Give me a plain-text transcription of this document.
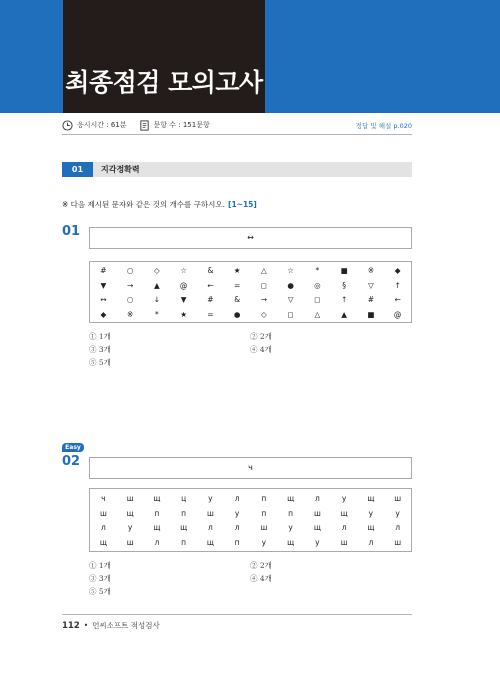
최종점검 모의고사
응시시간 : 61분	문항 수 : 151문항	정답 및 해설 p.020
01	지각정확력
※ 다음 제시된 문자와 같은 것의 개수를 구하시오. [1~15]
01	↔
#	○	◇	☆	&	★	△	☆	*	■	※	◆
▼	→	▲	@	←	=	◻	●	◎	§	▽	↑
↔	○	↓	▼	#	&	→	▽	◻	↑	#	←
◆	※	*	★	=	●	◇	◻	△	▲	■	@
① 1개	② 2개
③ 3개	④ 4개
⑤ 5개
Easy
02	ч
ч	ш	щ	ц	у	л	п	щ	л	у	щ	ш
ш	щ	п	п	ш	у	п	п	ш	щ	у	у
л	у	щ	щ	л	л	ш	у	щ	л	щ	л
щ	ш	л	п	щ	п	у	щ	у	ш	л	ш
① 1개	② 2개
③ 3개	④ 4개
⑤ 5개
112 • 언씨소프트 적성검사
